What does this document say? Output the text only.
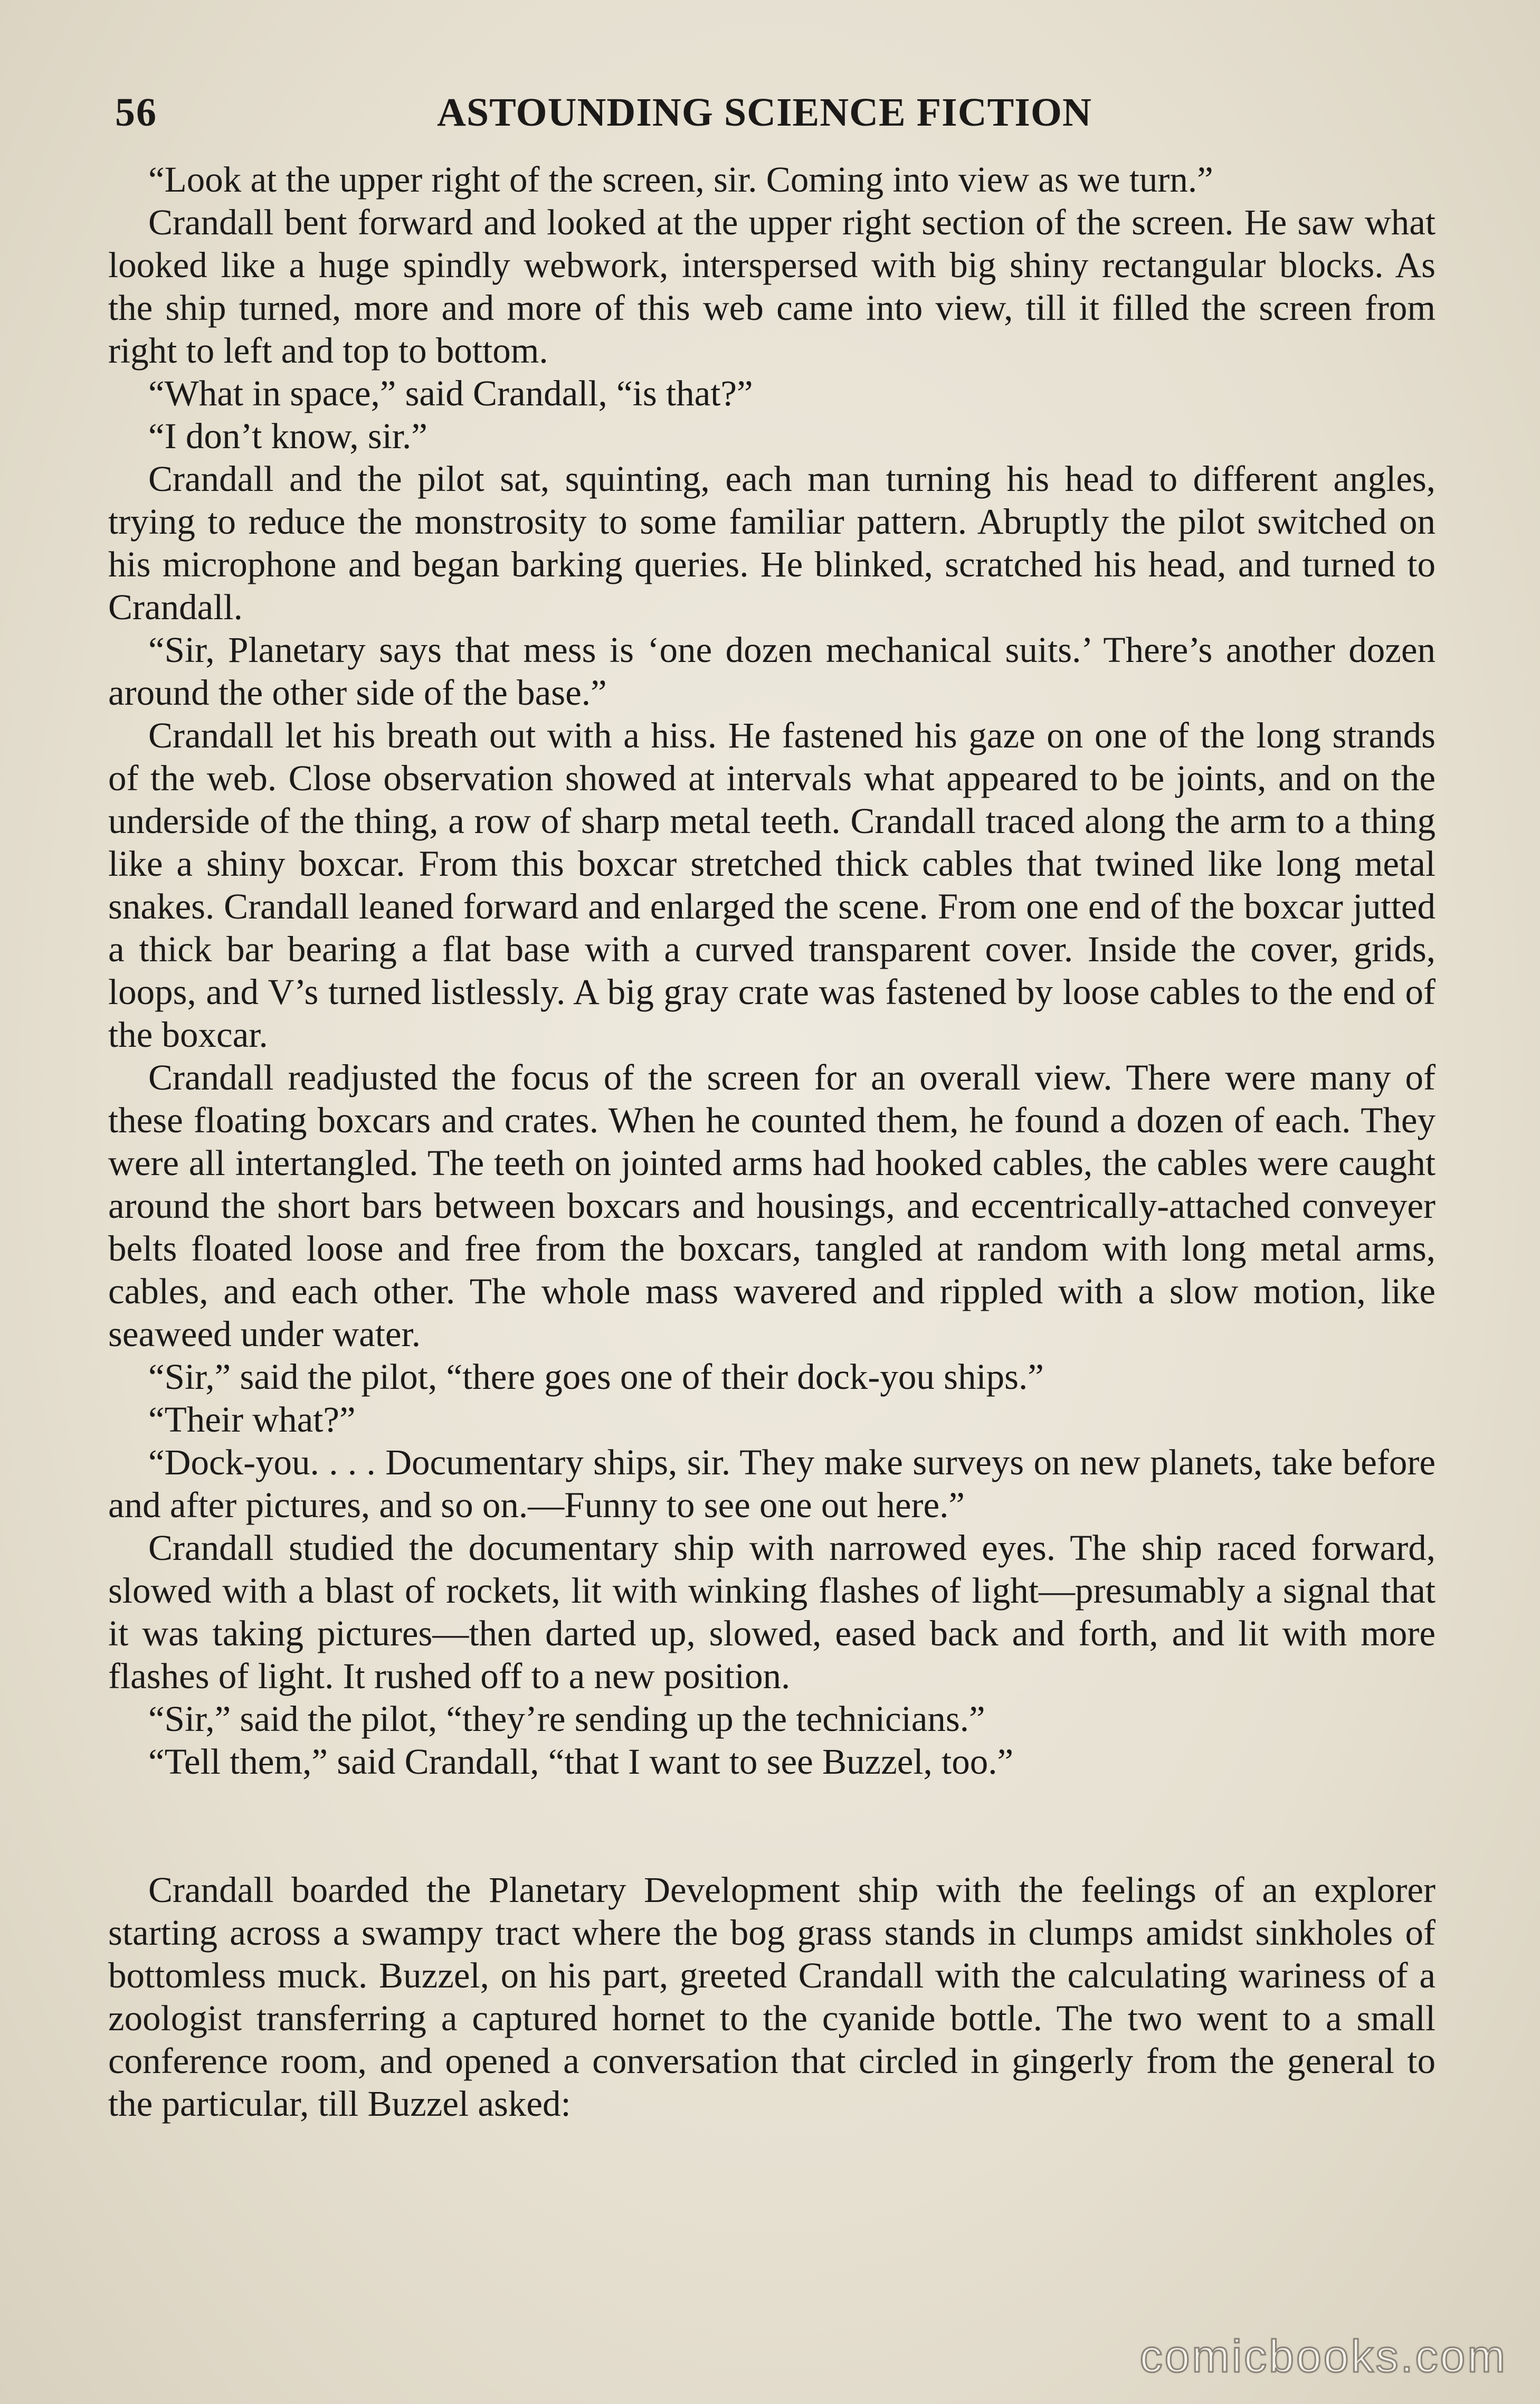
56	ASTOUNDING SCIENCE FICTION

“Look at the upper right of the screen, sir. Coming into view as we turn.”

Crandall bent forward and looked at the upper right section of the screen. He saw what looked like a huge spindly webwork, interspersed with big shiny rectangular blocks. As the ship turned, more and more of this web came into view, till it filled the screen from right to left and top to bottom.

“What in space,” said Crandall, “is that?”

“I don’t know, sir.”

Crandall and the pilot sat, squinting, each man turning his head to different angles, trying to reduce the monstrosity to some familiar pattern. Abruptly the pilot switched on his microphone and began barking queries. He blinked, scratched his head, and turned to Crandall.

“Sir, Planetary says that mess is ‘one dozen mechanical suits.’ There’s another dozen around the other side of the base.”

Crandall let his breath out with a hiss. He fastened his gaze on one of the long strands of the web. Close observation showed at intervals what appeared to be joints, and on the underside of the thing, a row of sharp metal teeth. Crandall traced along the arm to a thing like a shiny boxcar. From this boxcar stretched thick cables that twined like long metal snakes. Crandall leaned forward and enlarged the scene. From one end of the boxcar jutted a thick bar bearing a flat base with a curved transparent cover. Inside the cover, grids, loops, and V’s turned listlessly. A big gray crate was fastened by loose cables to the end of the boxcar.

Crandall readjusted the focus of the screen for an overall view. There were many of these floating boxcars and crates. When he counted them, he found a dozen of each. They were all intertangled. The teeth on jointed arms had hooked cables, the cables were caught around the short bars between boxcars and housings, and eccentrically-attached conveyer belts floated loose and free from the boxcars, tangled at random with long metal arms, cables, and each other. The whole mass wavered and rippled with a slow motion, like seaweed under water.

“Sir,” said the pilot, “there goes one of their dock-you ships.”

“Their what?”

“Dock-you. . . . Documentary ships, sir. They make surveys on new planets, take before and after pictures, and so on.—Funny to see one out here.”

Crandall studied the documentary ship with narrowed eyes. The ship raced forward, slowed with a blast of rockets, lit with winking flashes of light—presumably a signal that it was taking pictures—then darted up, slowed, eased back and forth, and lit with more flashes of light. It rushed off to a new position.

“Sir,” said the pilot, “they’re sending up the technicians.”

“Tell them,” said Crandall, “that I want to see Buzzel, too.”

Crandall boarded the Planetary Development ship with the feelings of an explorer starting across a swampy tract where the bog grass stands in clumps amidst sinkholes of bottomless muck. Buzzel, on his part, greeted Crandall with the calculating wariness of a zoologist transferring a captured hornet to the cyanide bottle. The two went to a small conference room, and opened a conversation that circled in gingerly from the general to the particular, till Buzzel asked:

comicbooks.com
